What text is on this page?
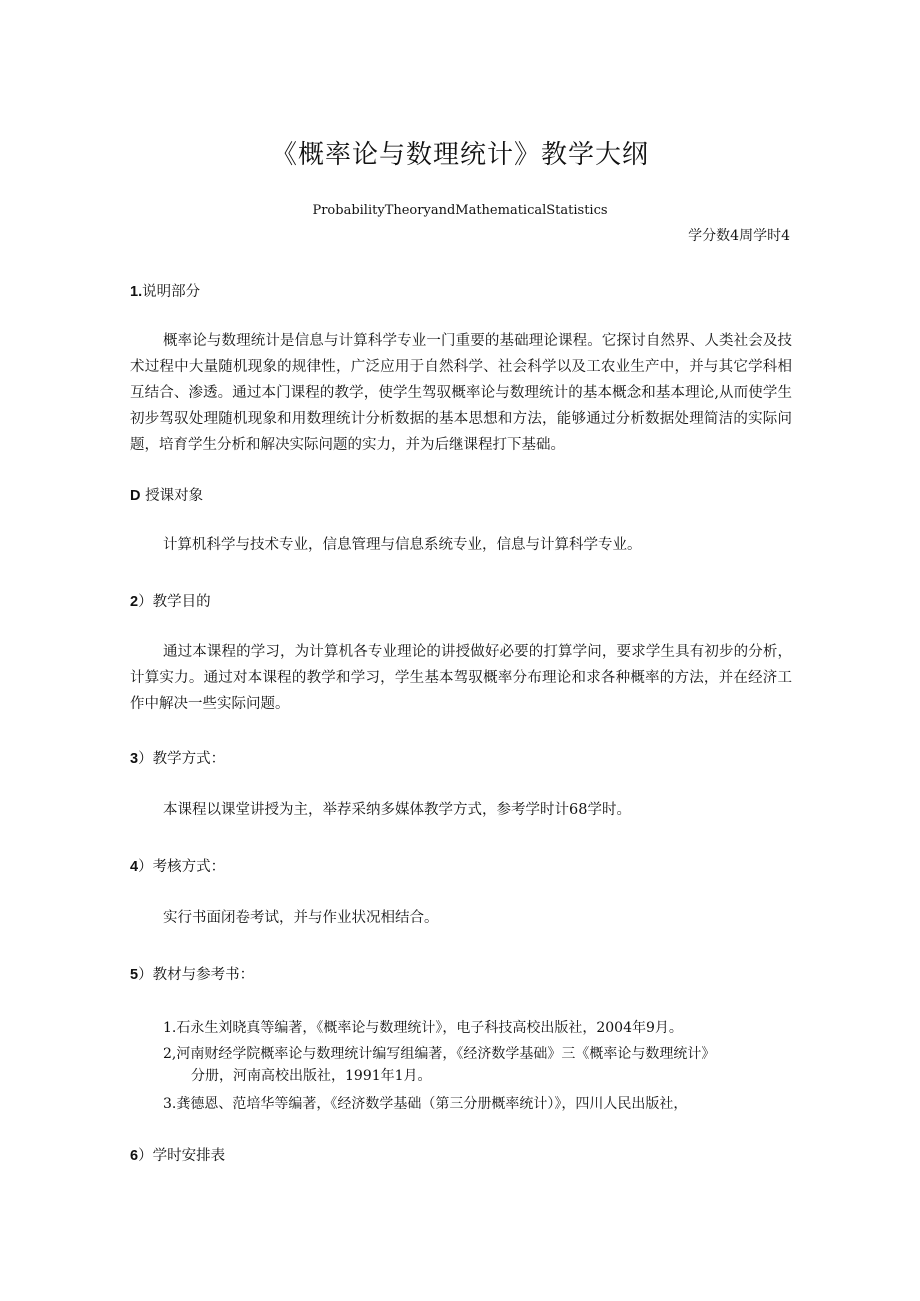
《概率论与数理统计》教学大纲
ProbabilityTheoryandMathematicalStatistics
学分数4周学时4
1.说明部分
概率论与数理统计是信息与计算科学专业一门重要的基础理论课程。它探讨自然界、人类社会及技术过程中大量随机现象的规律性，广泛应用于自然科学、社会科学以及工农业生产中，并与其它学科相互结合、渗透。通过本门课程的教学，使学生驾驭概率论与数理统计的基本概念和基本理论,从而使学生初步驾驭处理随机现象和用数理统计分析数据的基本思想和方法，能够通过分析数据处理简洁的实际问题，培育学生分析和解决实际问题的实力，并为后继课程打下基础。
D 授课对象
计算机科学与技术专业，信息管理与信息系统专业，信息与计算科学专业。
2）教学目的
通过本课程的学习，为计算机各专业理论的讲授做好必要的打算学问，要求学生具有初步的分析，计算实力。通过对本课程的教学和学习，学生基本驾驭概率分布理论和求各种概率的方法，并在经济工作中解决一些实际问题。
3）教学方式：
本课程以课堂讲授为主，举荐采纳多媒体教学方式，参考学时计68学时。
4）考核方式：
实行书面闭卷考试，并与作业状况相结合。
5）教材与参考书：
1.石永生刘晓真等编著，《概率论与数理统计》，电子科技高校出版社，2004年9月。
2,河南财经学院概率论与数理统计编写组编著，《经济数学基础》三《概率论与数理统计》
分册，河南高校出版社，1991年1月。
3.龚德恩、范培华等编著，《经济数学基础（第三分册概率统计）》，四川人民出版社，
6）学时安排表
